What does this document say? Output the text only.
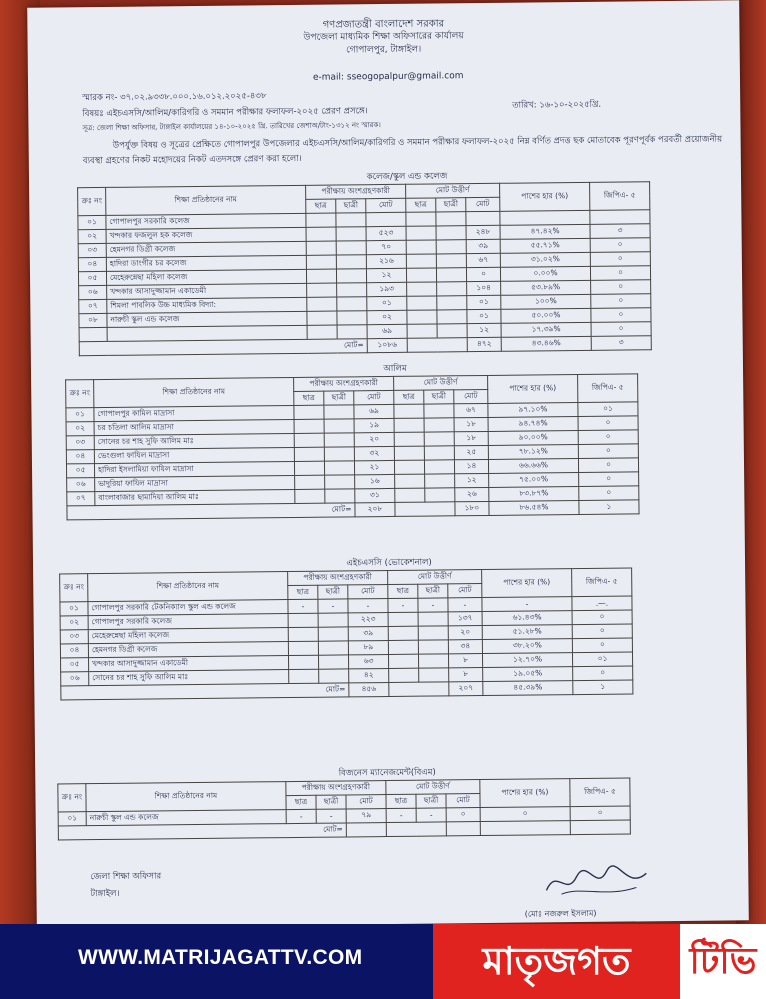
গণপ্রজাতন্ত্রী বাংলাদেশ সরকার
উপজেলা মাধ্যমিক শিক্ষা অফিসারের কার্যালয়
গোপালপুর, টাঙ্গাইল।
e-mail: sseogopalpur@gmail.com
স্মারক নং- ৩৭.০২.৯৩৩৮.০০০.১৬.০১২.২০২৫-৪৩৮
তারিখ: ১৬-১০-২০২৫খ্রি.
বিষয়ঃ এইচএসসি/আলিম/কারিগরি ও সমমান পরীক্ষার ফলাফল-২০২৫ প্রেরণ প্রসঙ্গে।
সূত্র: জেলা শিক্ষা অফিসার, টাঙ্গাইল কার্যালয়ের ১৪-১০-২০২৫ খ্রি. তারিখের জেশাঅ/টাং-১৩১২ নং স্মারক।
উপর্যুক্ত বিষয় ও সূত্রের প্রেক্ষিতে গোপালপুর উপজেলার এইচএসসি/আলিম/কারিগরি ও সমমান পরীক্ষার ফলাফল-২০২৫ নিম্ন বর্ণিত প্রদত্ত ছক মোতাবেক পূরণপূর্বক পরবর্তী প্রয়োজনীয় ব্যবস্থা গ্রহণের নিকট মহোদয়ের নিকট এতদসঙ্গে প্রেরণ করা হলো।
কলেজ/স্কুল এন্ড কলেজ
ক্রঃ নং	শিক্ষা প্রতিষ্ঠানের নাম	পরীক্ষায় অংশগ্রহণকারী			মোট উত্তীর্ণ			পাশের হার (%)	জিপিএ- ৫
		ছাত্র	ছাত্রী	মোট	ছাত্র	ছাত্রী	মোট		
০১	গোপালপুর সরকারি কলেজ								
০২	খন্দকার ফজলুল হক কলেজ			৫২৩			২৪৮	৪৭.৪২%	৩
০৩	হেমনগর ডিগ্রী কলেজ			৭০			৩৯	৫৫.৭১%	০
০৪	হাদিরা ডাংগীর চর কলেজ			২১৬			৬৭	৩১.০২%	০
০৫	মেহেরুন্নেছা মহিলা কলেজ			১২			০	০.০০%	০
০৬	খন্দকার আসাদুজ্জামান একাডেমী			১৯৩			১০৪	৫৩.৮৯%	০
০৭	শিমলা পাবলিক উচ্চ মাধ্যমিক বিদ্যা:			০১			০১	১০০%	০
০৮	নারুচী স্কুল এন্ড কলেজ			০২			০১	৫০.০০%	০
				৬৯			১২	১৭.৩৯%	০
মোট=				১০৮৬			৪৭২	৪৩.৪৬%	৩
আলিম
ক্রঃ নং	শিক্ষা প্রতিষ্ঠানের নাম	পরীক্ষায় অংশগ্রহণকারী			মোট উত্তীর্ণ			পাশের হার (%)	জিপিএ- ৫
		ছাত্র	ছাত্রী	মোট	ছাত্র	ছাত্রী	মোট		
০১	গোপালপুর কামিল মাদ্রাসা			৬৯			৬৭	৯৭.১০%	০১
০২	চর চতিলা আলিম মাদ্রাসা			১৯			১৮	৯৪.৭৪%	০
০৩	সোনের চর শাহ সুফি আলিম মাঃ			২০			১৮	৯০.০০%	০
০৪	ভেংগুলা ফাযিল মাদ্রাসা			৩২			২৫	৭৮.১২%	০
০৫	হাদিরা ইসলামিয়া ফাযিল মাদ্রাসা			২১			১৪	৬৬.৬৬%	০
০৬	ভাদুরিয়া ফাযিল মাদ্রাসা			১৬			১২	৭৫.০০%	০
০৭	বাংলাবাজার ছামাদিয়া আলিম মাঃ			৩১			২৬	৮৩.৮৭%	০
মোট=				২০৮			১৮০	৮৬.৫৪%	১
এইচএসসি (ভোকেশনাল)
ক্রঃ নং	শিক্ষা প্রতিষ্ঠানের নাম	পরীক্ষায় অংশগ্রহণকারী			মোট উত্তীর্ণ			পাশের হার (%)	জিপিএ- ৫
		ছাত্র	ছাত্রী	মোট	ছাত্র	ছাত্রী	মোট		
০১	গোপালপুর সরকারি টেকনিক্যাল স্কুল এন্ড কলেজ	-	-	-	-	-	-	-	.—.
০২	গোপালপুর সরকারি কলেজ			২২৩			১৩৭	৬১.৪৩%	০
০৩	মেহেরুন্নেছা মহিলা কলেজ			৩৯			২০	৫১.২৮%	০
০৪	হেমনগর ডিগ্রী কলেজ			৮৯			৩৪	৩৮.২০%	০
০৫	খন্দকার আসাদুজ্জামান একাডেমী			৬৩			৮	১২.৭০%	০১
০৬	সোনের চর শাহ সুফি আলিম মাঃ			৪২			৮	১৯.০৫%	০
মোট=				৪৫৬			২০৭	৪৫.৩৯%	১
বিজনেস ম্যানেজমেন্ট(বিএম)
ক্রঃ নং	শিক্ষা প্রতিষ্ঠানের নাম	পরীক্ষায় অংশগ্রহণকারী			মোট উত্তীর্ণ			পাশের হার (%)	জিপিএ- ৫
		ছাত্র	ছাত্রী	মোট	ছাত্র	ছাত্রী	মোট		
০১	নারুচী স্কুল এন্ড কলেজ	-	-	৭৯	-	-	০	০	০
মোট=									
জেলা শিক্ষা অফিসার
টাঙ্গাইল।
(মোঃ নজরুল ইসলাম)
WWW.MATRIJAGATTV.COM	মাতৃজগত	টিভি
